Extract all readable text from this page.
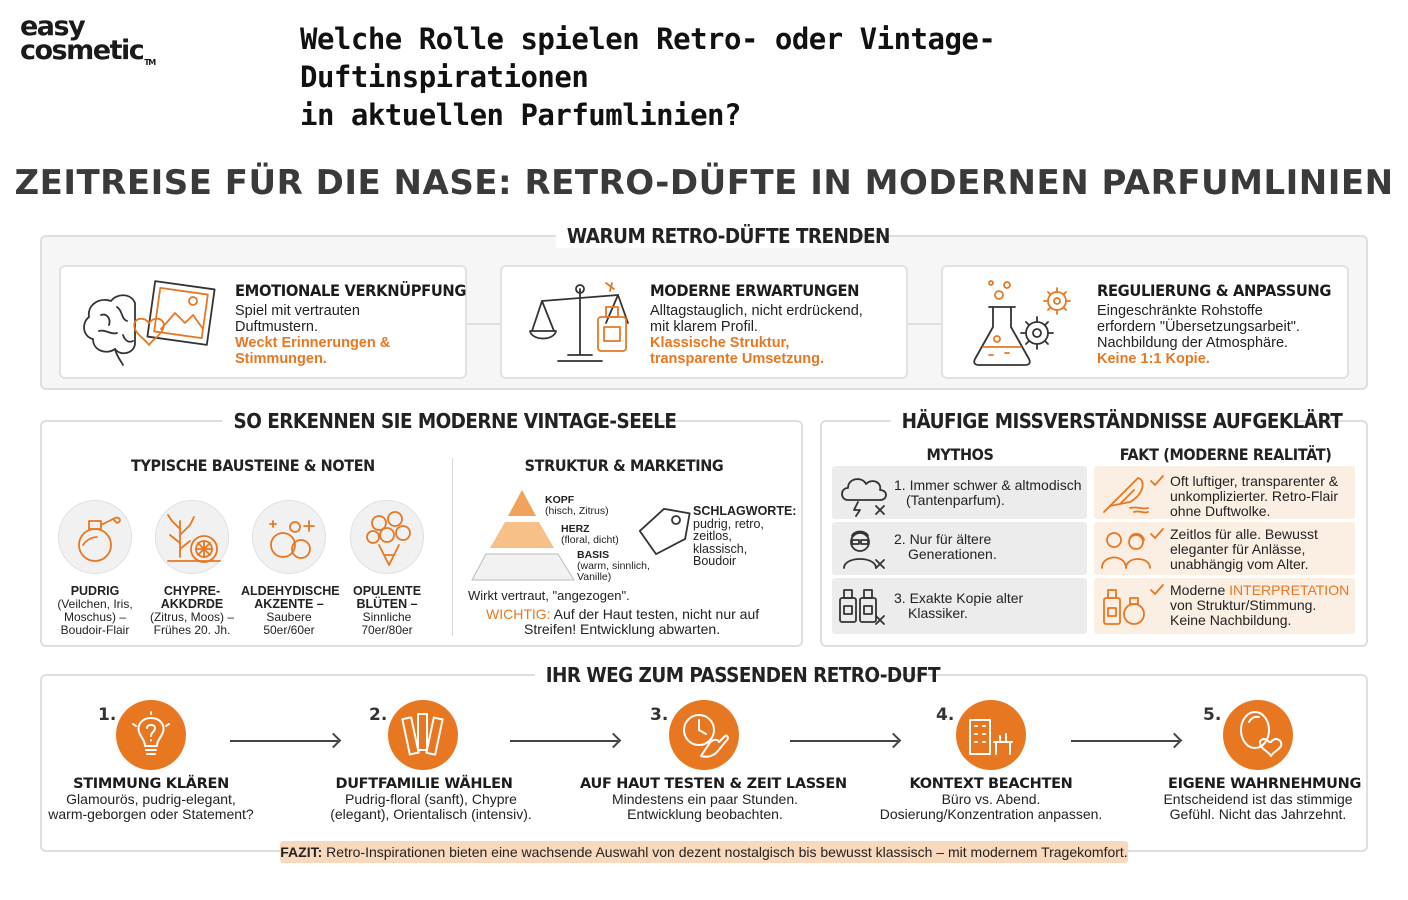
easy
cosmetic™
Welche Rolle spielen Retro- oder Vintage-Duftinspirationen
in aktuellen Parfumlinien?
ZEITREISE FÜR DIE NASE: RETRO-DÜFTE IN MODERNEN PARFUMLINIEN
WARUM RETRO-DÜFTE TRENDEN
EMOTIONALE VERKNÜPFUNG
Spiel mit vertrauten
Duftmustern.
Weckt Erinnerungen &
Stimmungen.
MODERNE ERWARTUNGEN
Alltagstauglich, nicht erdrückend,
mit klarem Profil.
Klassische Struktur,
transparente Umsetzung.
REGULIERUNG & ANPASSUNG
Eingeschränkte Rohstoffe
erfordern "Übersetzungsarbeit".
Nachbildung der Atmosphäre.
Keine 1:1 Kopie.
SO ERKENNEN SIE MODERNE VINTAGE-SEELE
TYPISCHE BAUSTEINE & NOTEN	STRUKTUR & MARKETING
PUDRIG
(Veilchen, Iris,
Moschus) –
Boudoir-Flair
CHYPRE-
AKKDRDE
(Zitrus, Moos) –
Frühes 20. Jh.
ALDEHYDISCHE
AKZENTE –
Saubere
50er/60er
OPULENTE
BLÜTEN –
Sinnliche
70er/80er
KOPF
(hisch, Zitrus)
HERZ
(floral, dicht)
BASIS
(warm, sinnlich,
Vanille)
SCHLAGWORTE:
pudrig, retro,
zeitlos,
klassisch,
Boudoir
Wirkt vertraut, "angezogen".
WICHTIG: Auf der Haut testen, nicht nur auf
Streifen! Entwicklung abwarten.
HÄUFIGE MISSVERSTÄNDNISSE AUFGEKLÄRT
MYTHOS	FAKT (MODERNE REALITÄT)
1. Immer schwer & altmodisch
(Tantenparfum).
Oft luftiger, transparenter &
unkomplizierter. Retro-Flair
ohne Duftwolke.
2. Nur für ältere
Generationen.
Zeitlos für alle. Bewusst
eleganter für Anlässe,
unabhängig vom Alter.
3. Exakte Kopie alter
Klassiker.
Moderne INTERPRETATION
von Struktur/Stimmung.
Keine Nachbildung.
IHR WEG ZUM PASSENDEN RETRO-DUFT
1.
STIMMUNG KLÄREN
Glamourös, pudrig-elegant,
warm-geborgen oder Statement?
2.
DUFTFAMILIE WÄHLEN
Pudrig-floral (sanft), Chypre
(elegant), Orientalisch (intensiv).
3.
AUF HAUT TESTEN & ZEIT LASSEN
Mindestens ein paar Stunden.
Entwicklung beobachten.
4.
KONTEXT BEACHTEN
Büro vs. Abend.
Dosierung/Konzentration anpassen.
5.
EIGENE WAHRNEHMUNG
Entscheidend ist das stimmige
Gefühl. Nicht das Jahrzehnt.
FAZIT: Retro-Inspirationen bieten eine wachsende Auswahl von dezent nostalgisch bis bewusst klassisch – mit modernem Tragekomfort.
